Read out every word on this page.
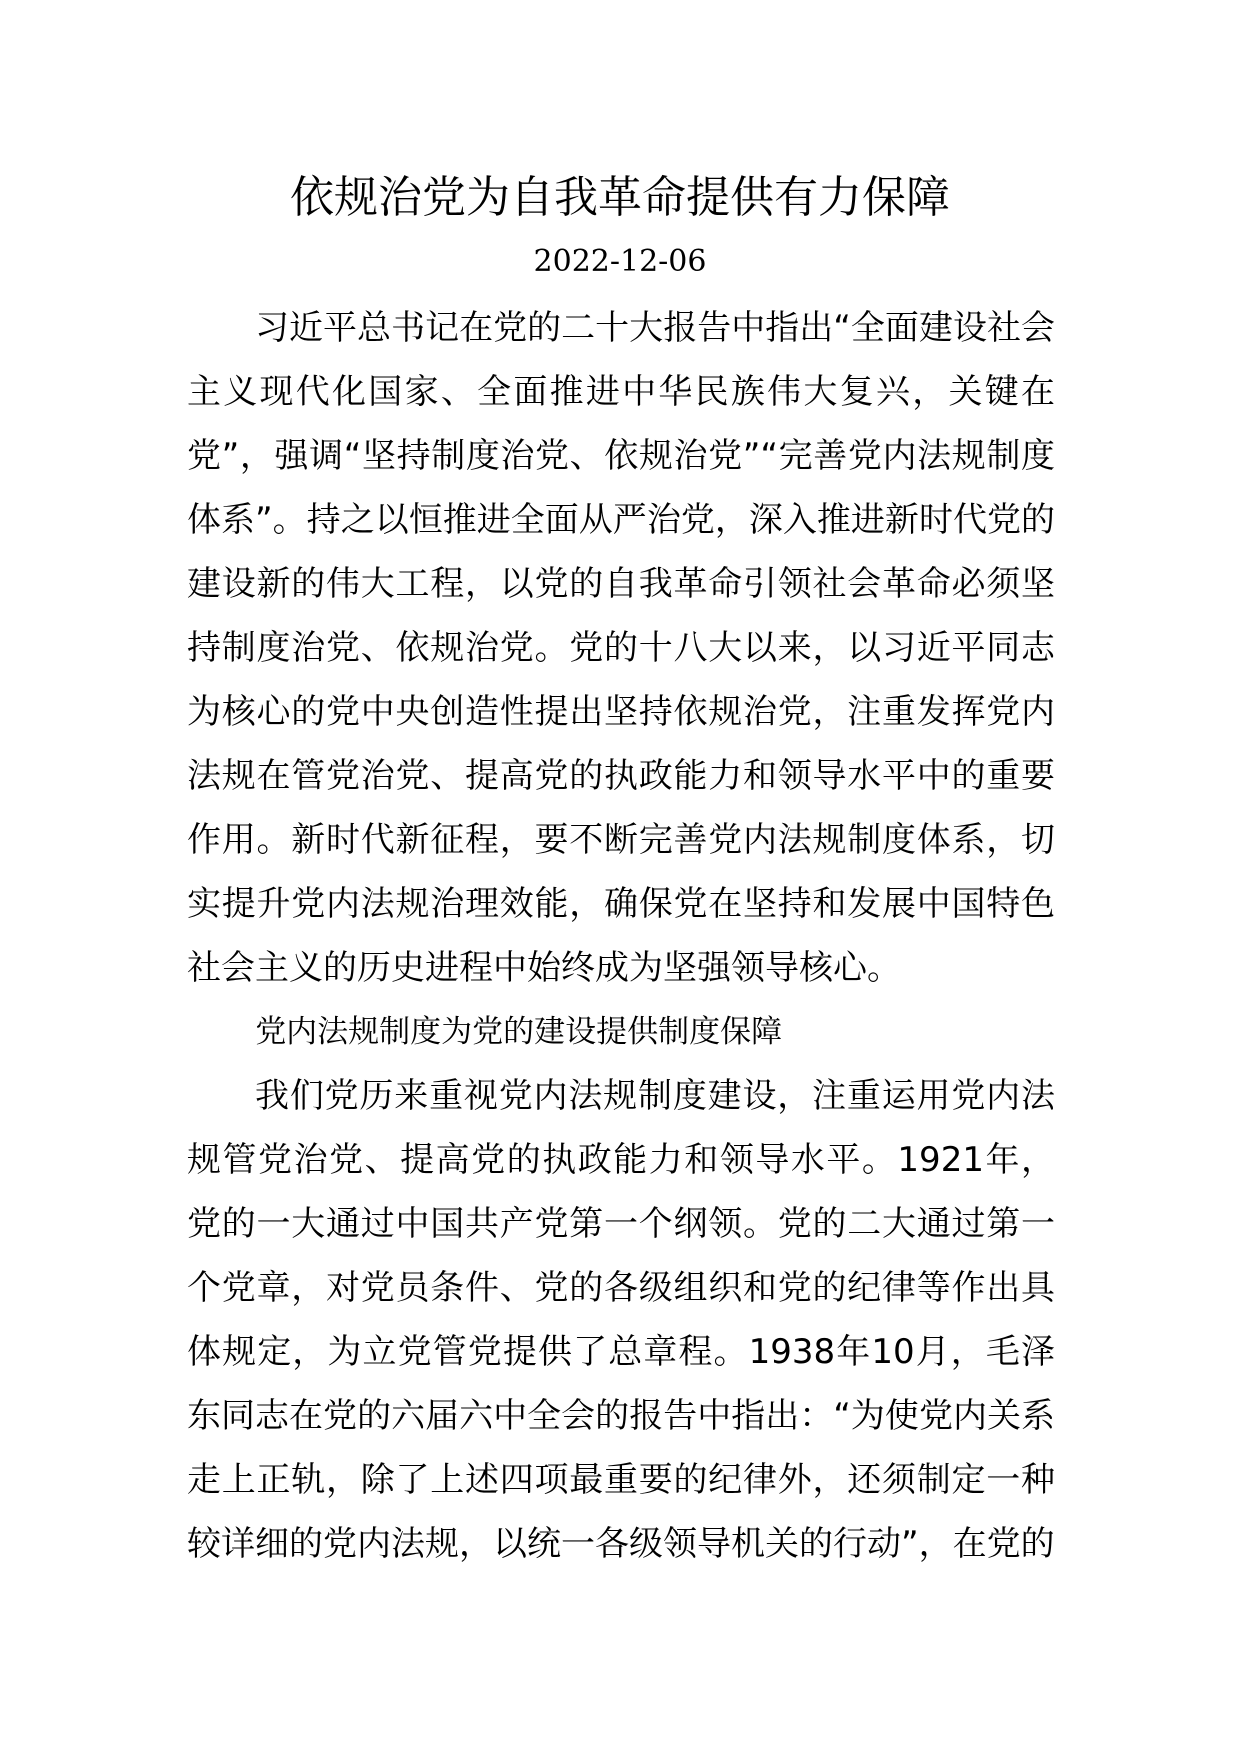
依规治党为自我革命提供有力保障
2022-12-06

习近平总书记在党的二十大报告中指出“全面建设社会主义现代化国家、全面推进中华民族伟大复兴，关键在党”，强调“坚持制度治党、依规治党”“完善党内法规制度体系”。持之以恒推进全面从严治党，深入推进新时代党的建设新的伟大工程，以党的自我革命引领社会革命必须坚持制度治党、依规治党。党的十八大以来，以习近平同志为核心的党中央创造性提出坚持依规治党，注重发挥党内法规在管党治党、提高党的执政能力和领导水平中的重要作用。新时代新征程，要不断完善党内法规制度体系，切实提升党内法规治理效能，确保党在坚持和发展中国特色社会主义的历史进程中始终成为坚强领导核心。

党内法规制度为党的建设提供制度保障

我们党历来重视党内法规制度建设，注重运用党内法规管党治党、提高党的执政能力和领导水平。1921年，党的一大通过中国共产党第一个纲领。党的二大通过第一个党章，对党员条件、党的各级组织和党的纪律等作出具体规定，为立党管党提供了总章程。1938年10月，毛泽东同志在党的六届六中全会的报告中指出：“为使党内关系走上正轨，除了上述四项最重要的纪律外，还须制定一种较详细的党内法规，以统一各级领导机关的行动”，在党的
